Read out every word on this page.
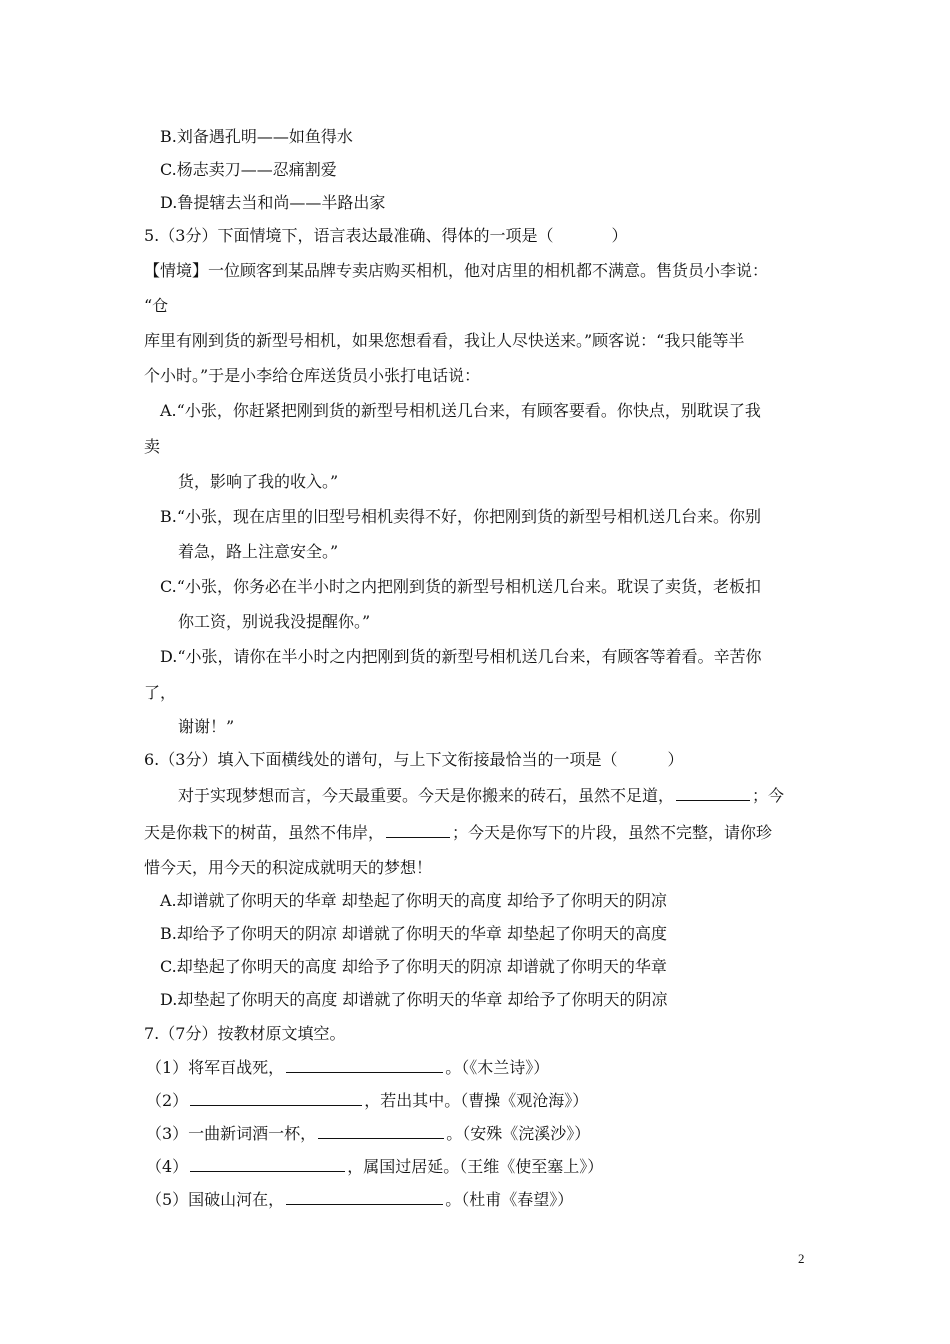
B.刘备遇孔明——如鱼得水
C.杨志卖刀——忍痛割爱
D.鲁提辖去当和尚——半路出家
5.（3分）下面情境下，语言表达最准确、得体的一项是（	）
【情境】一位顾客到某品牌专卖店购买相机，他对店里的相机都不满意。售货员小李说：
“仓
库里有刚到货的新型号相机，如果您想看看，我让人尽快送来。”顾客说：“我只能等半
个小时。”于是小李给仓库送货员小张打电话说：
A.“小张，你赶紧把刚到货的新型号相机送几台来，有顾客要看。你快点，别耽误了我
卖
货，影响了我的收入。”
B.“小张，现在店里的旧型号相机卖得不好，你把刚到货的新型号相机送几台来。你别
着急，路上注意安全。”
C.“小张，你务必在半小时之内把刚到货的新型号相机送几台来。耽误了卖货，老板扣
你工资，别说我没提醒你。”
D.“小张，请你在半小时之内把刚到货的新型号相机送几台来，有顾客等着看。辛苦你
了，
谢谢！”
6.（3分）填入下面横线处的谱句，与上下文衔接最恰当的一项是（	）
对于实现梦想而言，今天最重要。今天是你搬来的砖石，虽然不足道，	；今
天是你栽下的树苗，虽然不伟岸，	；今天是你写下的片段，虽然不完整，请你珍
惜今天，用今天的积淀成就明天的梦想！
A.却谱就了你明天的华章 却垫起了你明天的高度 却给予了你明天的阴凉
B.却给予了你明天的阴凉 却谱就了你明天的华章 却垫起了你明天的高度
C.却垫起了你明天的高度 却给予了你明天的阴凉 却谱就了你明天的华章
D.却垫起了你明天的高度 却谱就了你明天的华章 却给予了你明天的阴凉
7.（7分）按教材原文填空。
（1）将军百战死，	。（《木兰诗》）
（2）	，若出其中。（曹操《观沧海》）
（3）一曲新词酒一杯，	。（安殊《浣溪沙》）
（4）	，属国过居延。（王维《使至塞上》）
（5）国破山河在，	。（杜甫《春望》）
2
